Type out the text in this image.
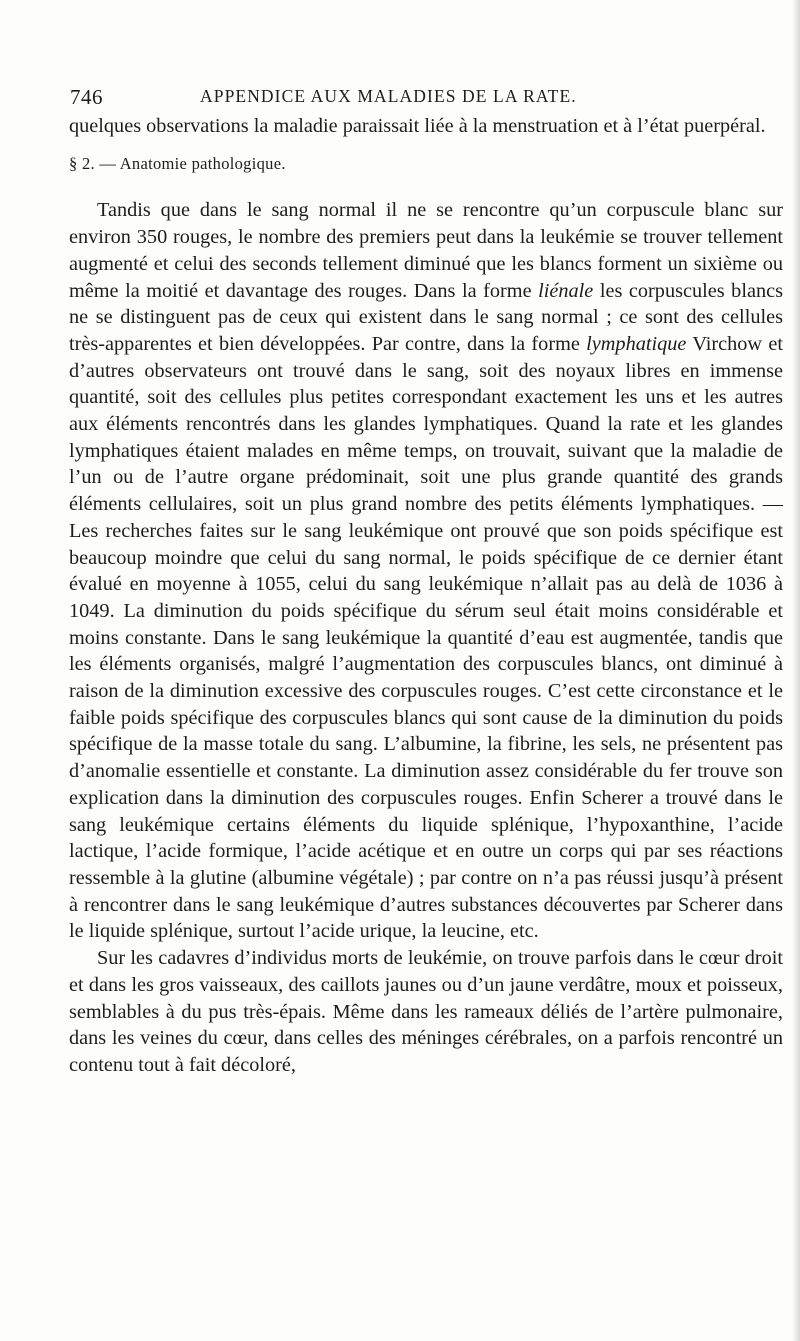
746	APPENDICE AUX MALADIES DE LA RATE.

quelques observations la maladie paraissait liée à la menstruation et à l’état puerpéral.

§ 2. — Anatomie pathologique.

Tandis que dans le sang normal il ne se rencontre qu’un corpuscule blanc sur environ 350 rouges, le nombre des premiers peut dans la leukémie se trouver tellement augmenté et celui des seconds tellement diminué que les blancs forment un sixième ou même la moitié et davantage des rouges. Dans la forme liénale les corpuscules blancs ne se distinguent pas de ceux qui existent dans le sang normal ; ce sont des cellules très-apparentes et bien développées. Par contre, dans la forme lymphatique Virchow et d’autres observateurs ont trouvé dans le sang, soit des noyaux libres en immense quantité, soit des cellules plus petites correspondant exactement les uns et les autres aux éléments rencontrés dans les glandes lymphatiques. Quand la rate et les glandes lymphatiques étaient malades en même temps, on trouvait, suivant que la maladie de l’un ou de l’autre organe prédominait, soit une plus grande quantité des grands éléments cellulaires, soit un plus grand nombre des petits éléments lymphatiques. — Les recherches faites sur le sang leukémique ont prouvé que son poids spécifique est beaucoup moindre que celui du sang normal, le poids spécifique de ce dernier étant évalué en moyenne à 1055, celui du sang leukémique n’allait pas au delà de 1036 à 1049. La diminution du poids spécifique du sérum seul était moins considérable et moins constante. Dans le sang leukémique la quantité d’eau est augmentée, tandis que les éléments organisés, malgré l’augmentation des corpuscules blancs, ont diminué à raison de la diminution excessive des corpuscules rouges. C’est cette circonstance et le faible poids spécifique des corpuscules blancs qui sont cause de la diminution du poids spécifique de la masse totale du sang. L’albumine, la fibrine, les sels, ne présentent pas d’anomalie essentielle et constante. La diminution assez considérable du fer trouve son explication dans la diminution des corpuscules rouges. Enfin Scherer a trouvé dans le sang leukémique certains éléments du liquide splénique, l’hypoxanthine, l’acide lactique, l’acide formique, l’acide acétique et en outre un corps qui par ses réactions ressemble à la glutine (albumine végétale) ; par contre on n’a pas réussi jusqu’à présent à rencontrer dans le sang leukémique d’autres substances découvertes par Scherer dans le liquide splénique, surtout l’acide urique, la leucine, etc.

Sur les cadavres d’individus morts de leukémie, on trouve parfois dans le cœur droit et dans les gros vaisseaux, des caillots jaunes ou d’un jaune verdâtre, moux et poisseux, semblables à du pus très-épais. Même dans les rameaux déliés de l’artère pulmonaire, dans les veines du cœur, dans celles des méninges cérébrales, on a parfois rencontré un contenu tout à fait décoloré,
